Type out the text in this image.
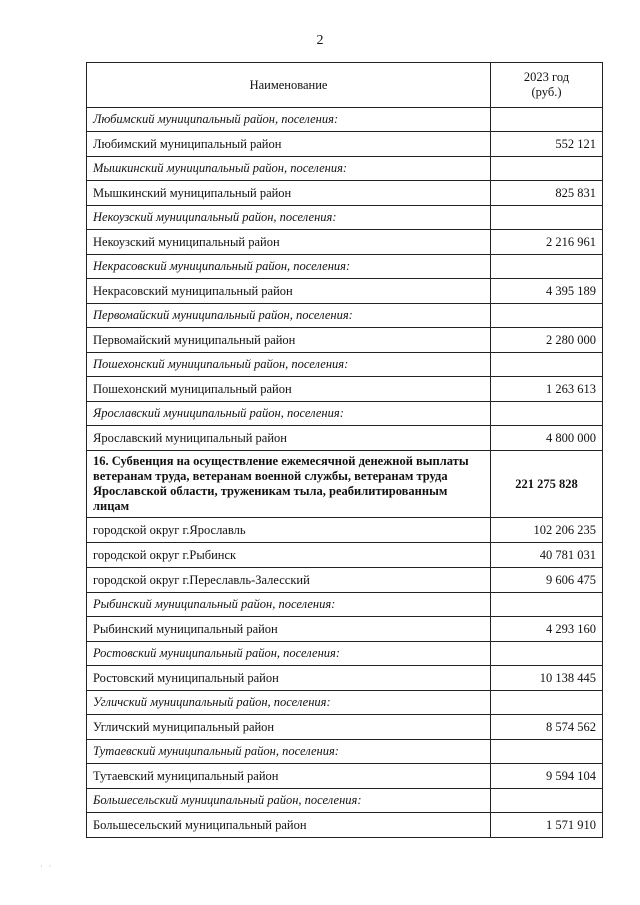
2
Наименование	2023 год
(руб.)
Любимский муниципальный район, поселения:	
Любимский муниципальный район	552 121
Мышкинский муниципальный район, поселения:	
Мышкинский муниципальный район	825 831
Некоузский муниципальный район, поселения:	
Некоузский муниципальный район	2 216 961
Некрасовский муниципальный район, поселения:	
Некрасовский муниципальный район	4 395 189
Первомайский муниципальный район, поселения:	
Первомайский муниципальный район	2 280 000
Пошехонский муниципальный район, поселения:	
Пошехонский муниципальный район	1 263 613
Ярославский муниципальный район, поселения:	
Ярославский муниципальный район	4 800 000
16. Субвенция на осуществление ежемесячной денежной выплаты ветеранам труда, ветеранам военной службы, ветеранам труда Ярославской области, труженикам тыла, реабилитированным лицам	221 275 828
городской округ г.Ярославль	102 206 235
городской округ г.Рыбинск	40 781 031
городской округ г.Переславль-Залесский	9 606 475
Рыбинский муниципальный район, поселения:	
Рыбинский муниципальный район	4 293 160
Ростовский муниципальный район, поселения:	
Ростовский муниципальный район	10 138 445
Угличский муниципальный район, поселения:	
Угличский муниципальный район	8 574 562
Тутаевский муниципальный район, поселения:	
Тутаевский муниципальный район	9 594 104
Большесельский муниципальный район, поселения:	
Большесельский муниципальный район	1 571 910
· ·
